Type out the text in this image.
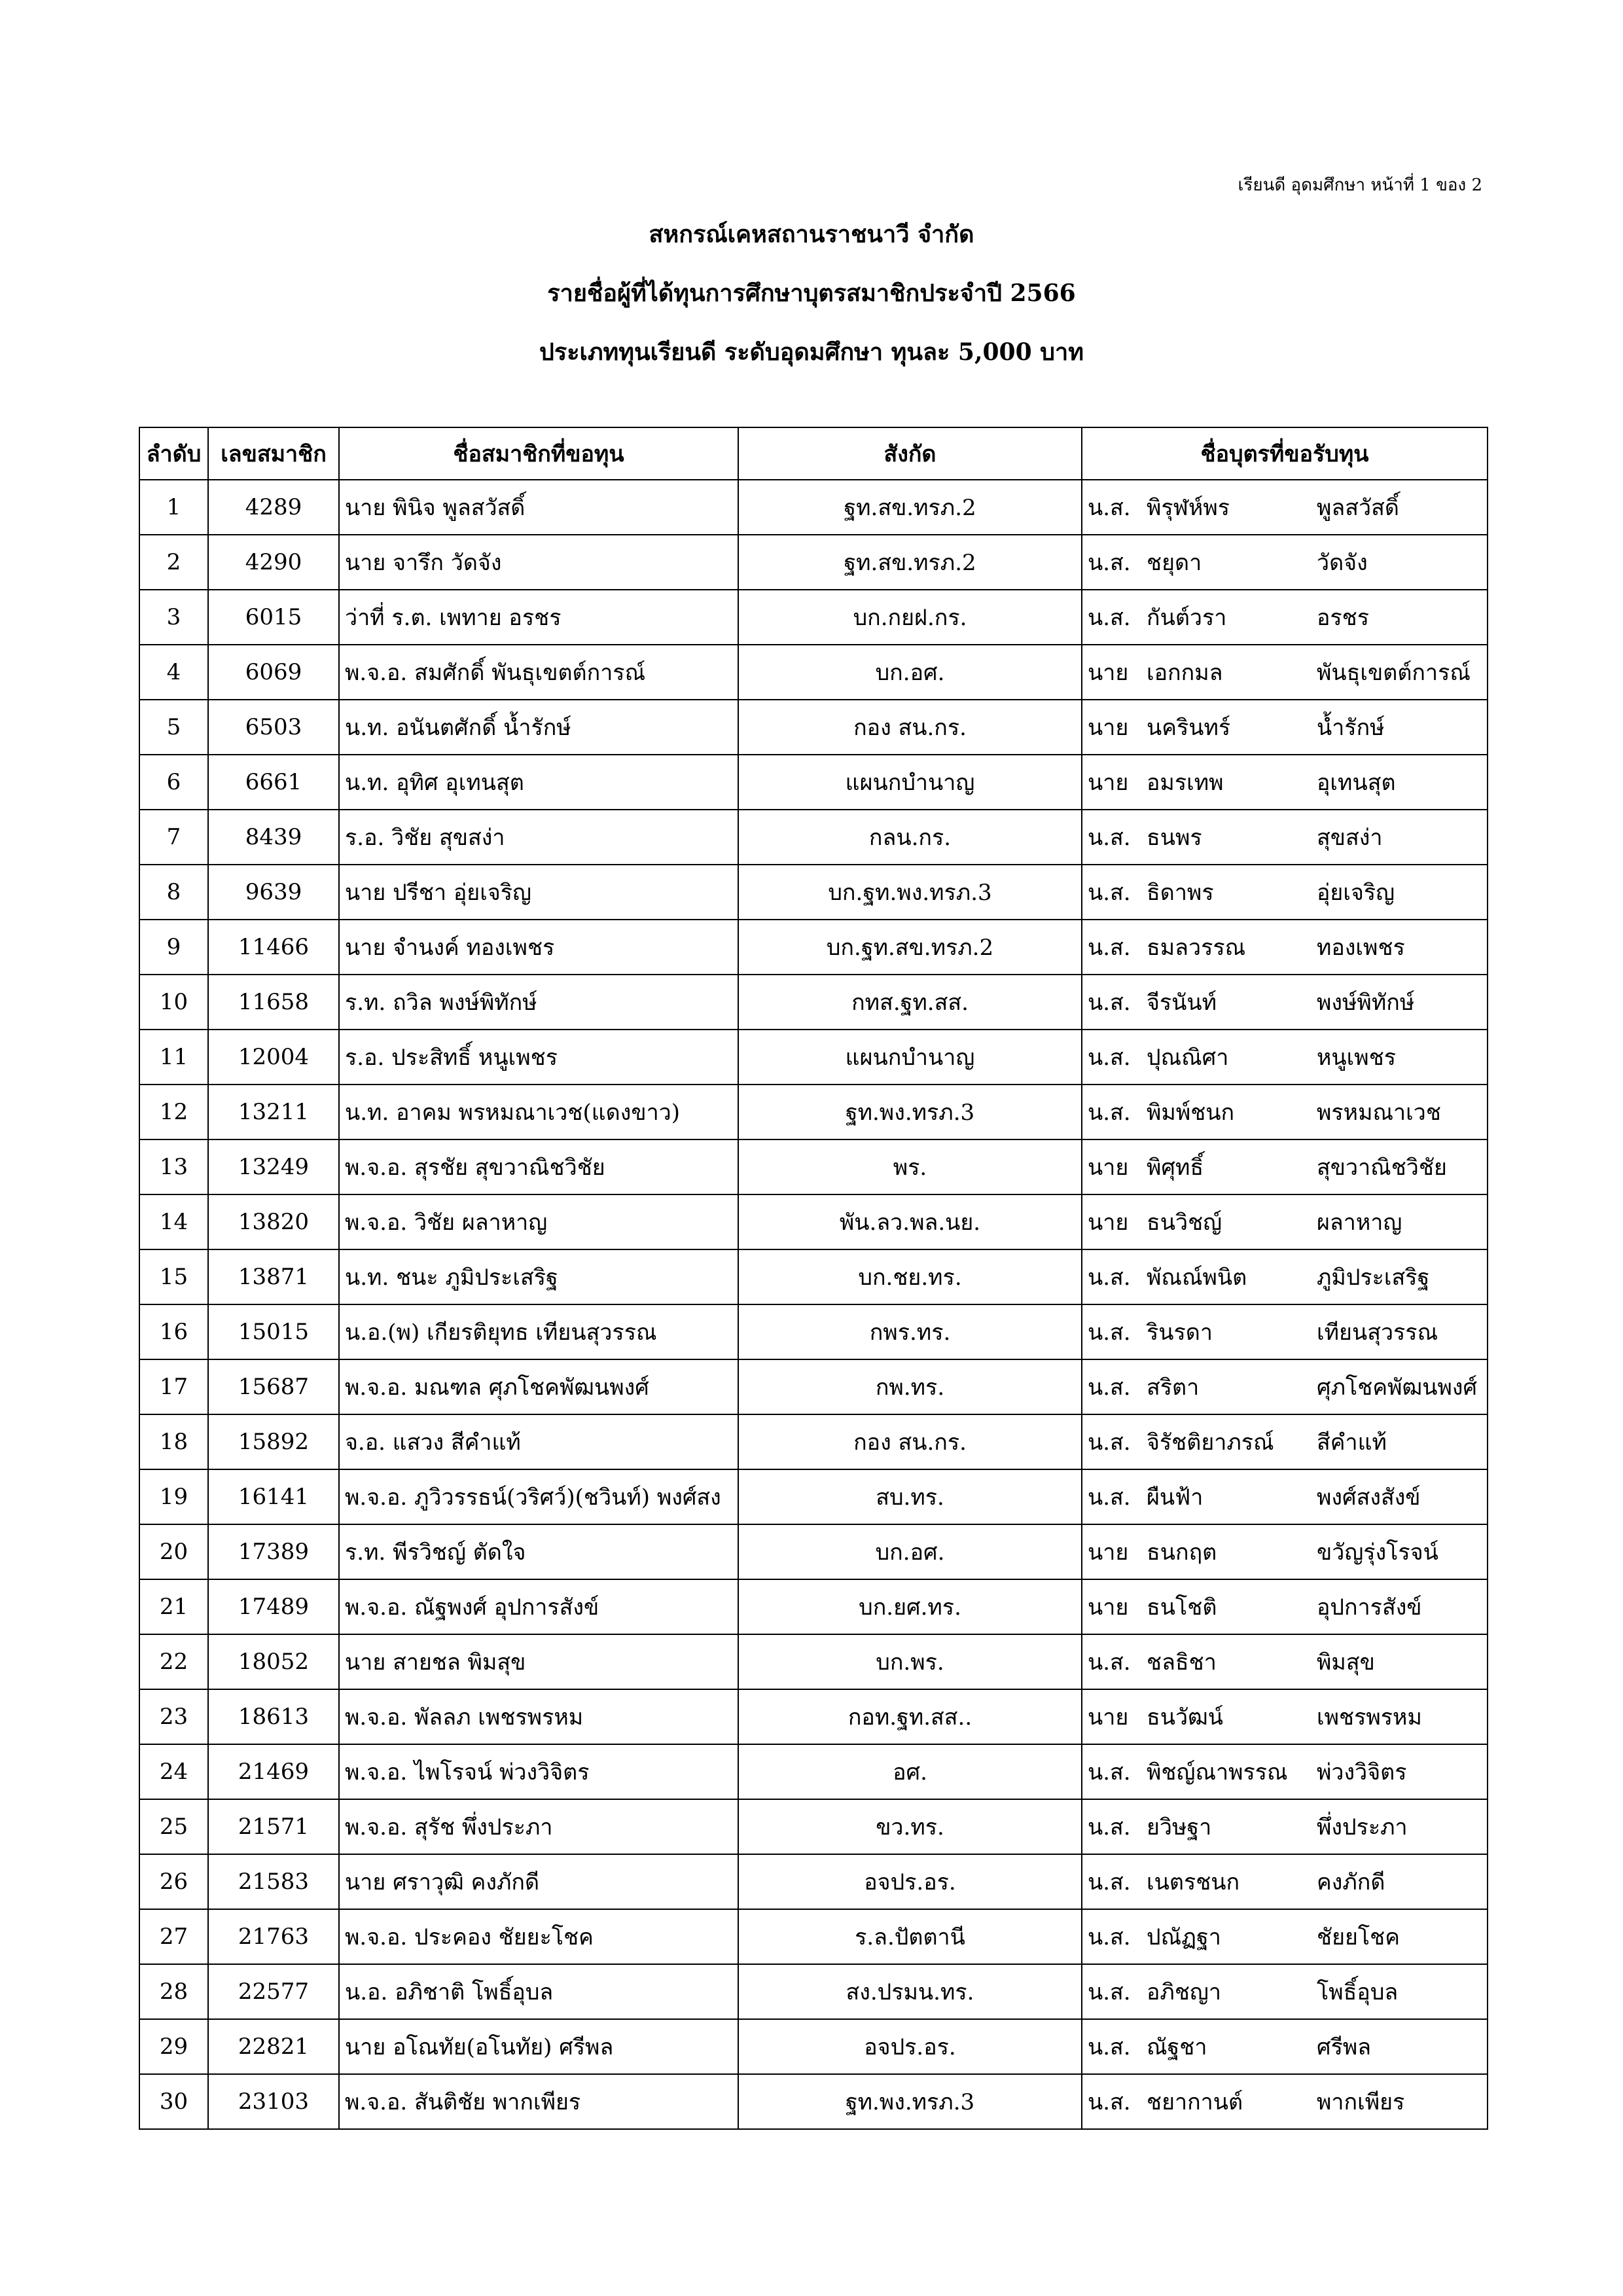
เรียนดี อุดมศึกษา หน้าที่ 1 ของ 2
สหกรณ์เคหสถานราชนาวี จำกัด
รายชื่อผู้ที่ได้ทุนการศึกษาบุตรสมาชิกประจำปี 2566
ประเภททุนเรียนดี ระดับอุดมศึกษา ทุนละ 5,000 บาท
ลำดับ	เลขสมาชิก	ชื่อสมาชิกที่ขอทุน	สังกัด	ชื่อบุตรที่ขอรับทุน
1	4289	นาย พินิจ พูลสวัสดิ์	ฐท.สข.ทรภ.2	น.ส. พิรุฬห์พร พูลสวัสดิ์
2	4290	นาย จารึก วัดจัง	ฐท.สข.ทรภ.2	น.ส. ชยุดา วัดจัง
3	6015	ว่าที่ ร.ต. เพทาย อรชร	บก.กยฝ.กร.	น.ส. กันต์วรา อรชร
4	6069	พ.จ.อ. สมศักดิ์ พันธุเขตต์การณ์	บก.อศ.	นาย เอกกมล พันธุเขตต์การณ์
5	6503	น.ท. อนันตศักดิ์ น้ำรักษ์	กอง สน.กร.	นาย นครินทร์ น้ำรักษ์
6	6661	น.ท. อุทิศ อุเทนสุต	แผนกบำนาญ	นาย อมรเทพ อุเทนสุต
7	8439	ร.อ. วิชัย สุขสง่า	กลน.กร.	น.ส. ธนพร สุขสง่า
8	9639	นาย ปรีชา อุ่ยเจริญ	บก.ฐท.พง.ทรภ.3	น.ส. ธิดาพร อุ่ยเจริญ
9	11466	นาย จำนงค์ ทองเพชร	บก.ฐท.สข.ทรภ.2	น.ส. ธมลวรรณ ทองเพชร
10	11658	ร.ท. ถวิล พงษ์พิทักษ์	กทส.ฐท.สส.	น.ส. จีรนันท์ พงษ์พิทักษ์
11	12004	ร.อ. ประสิทธิ์ หนูเพชร	แผนกบำนาญ	น.ส. ปุณณิศา หนูเพชร
12	13211	น.ท. อาคม พรหมณาเวช(แดงขาว)	ฐท.พง.ทรภ.3	น.ส. พิมพ์ชนก พรหมณาเวช
13	13249	พ.จ.อ. สุรชัย สุขวาณิชวิชัย	พร.	นาย พิศุทธิ์ สุขวาณิชวิชัย
14	13820	พ.จ.อ. วิชัย ผลาหาญ	พัน.ลว.พล.นย.	นาย ธนวิชญ์ ผลาหาญ
15	13871	น.ท. ชนะ ภูมิประเสริฐ	บก.ชย.ทร.	น.ส. พัณณ์พนิต ภูมิประเสริฐ
16	15015	น.อ.(พ) เกียรติยุทธ เทียนสุวรรณ	กพร.ทร.	น.ส. รินรดา เทียนสุวรรณ
17	15687	พ.จ.อ. มณฑล ศุภโชคพัฒนพงศ์	กพ.ทร.	น.ส. สริตา ศุภโชคพัฒนพงศ์
18	15892	จ.อ. แสวง สีคำแท้	กอง สน.กร.	น.ส. จิรัชติยาภรณ์ สีคำแท้
19	16141	พ.จ.อ. ภูวิวรรธน์(วริศว์)(ชวินท์) พงศ์สง	สบ.ทร.	น.ส. ผืนฟ้า พงศ์สงสังข์
20	17389	ร.ท. พีรวิชญ์ ตัดใจ	บก.อศ.	นาย ธนกฤต ขวัญรุ่งโรจน์
21	17489	พ.จ.อ. ณัฐพงศ์ อุปการสังข์	บก.ยศ.ทร.	นาย ธนโชติ อุปการสังข์
22	18052	นาย สายชล พิมสุข	บก.พร.	น.ส. ชลธิชา พิมสุข
23	18613	พ.จ.อ. พัลลภ เพชรพรหม	กอท.ฐท.สส..	นาย ธนวัฒน์ เพชรพรหม
24	21469	พ.จ.อ. ไพโรจน์ พ่วงวิจิตร	อศ.	น.ส. พิชญ์ณาพรรณ พ่วงวิจิตร
25	21571	พ.จ.อ. สุรัช พึ่งประภา	ขว.ทร.	น.ส. ยวิษฐา พึ่งประภา
26	21583	นาย ศราวุฒิ คงภักดี	อจปร.อร.	น.ส. เนตรชนก คงภักดี
27	21763	พ.จ.อ. ประคอง ชัยยะโชค	ร.ล.ปัตตานี	น.ส. ปณัฏฐา ชัยยโชค
28	22577	น.อ. อภิชาติ โพธิ์อุบล	สง.ปรมน.ทร.	น.ส. อภิชญา โพธิ์อุบล
29	22821	นาย อโณทัย(อโนทัย) ศรีพล	อจปร.อร.	น.ส. ณัฐชา ศรีพล
30	23103	พ.จ.อ. สันติชัย พากเพียร	ฐท.พง.ทรภ.3	น.ส. ชยากานต์ พากเพียร
